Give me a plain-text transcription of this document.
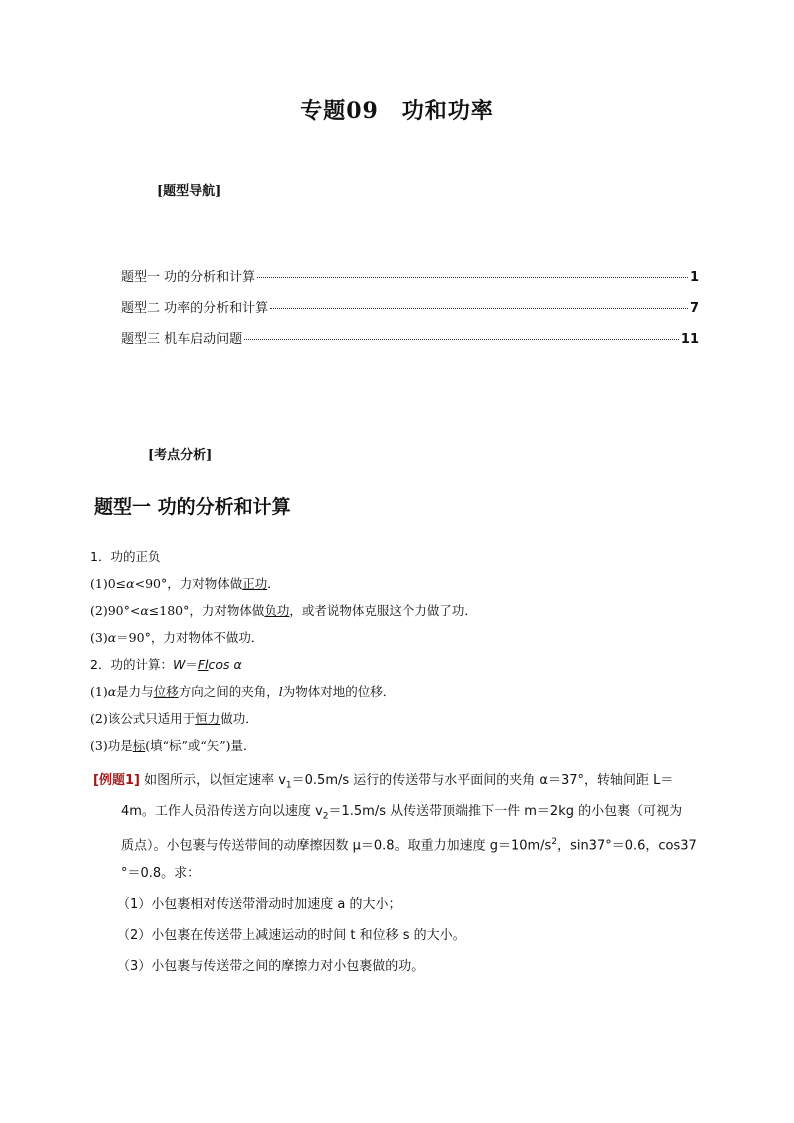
专题09　功和功率
[题型导航]
题型一 功的分析和计算	1
题型二 功率的分析和计算	7
题型三 机车启动问题	11
[考点分析]
题型一 功的分析和计算
1．功的正负
(1)0≤α<90°，力对物体做正功．
(2)90°<α≤180°，力对物体做负功，或者说物体克服这个力做了功．
(3)α＝90°，力对物体不做功．
2．功的计算：W＝Flcos α
(1)α是力与位移方向之间的夹角，l为物体对地的位移．
(2)该公式只适用于恒力做功．
(3)功是标(填“标”或“矢”)量．
[例题1] 如图所示，以恒定速率 $v_1=0.5m/s$ 运行的传送带与水平面间的夹角 α＝37°，转轴间距 L＝
4m。工作人员沿传送方向以速度 $v_2=1.5m/s$ 从传送带顶端推下一件 m＝2kg 的小包裹（可视为
质点）。小包裹与传送带间的动摩擦因数 μ＝0.8。取重力加速度 $g=10m/s^2$，sin37°＝0.6，cos37
°＝0.8。求：
（1）小包裹相对传送带滑动时加速度 a 的大小；
（2）小包裹在传送带上减速运动的时间 t 和位移 s 的大小。
（3）小包裹与传送带之间的摩擦力对小包裹做的功。
